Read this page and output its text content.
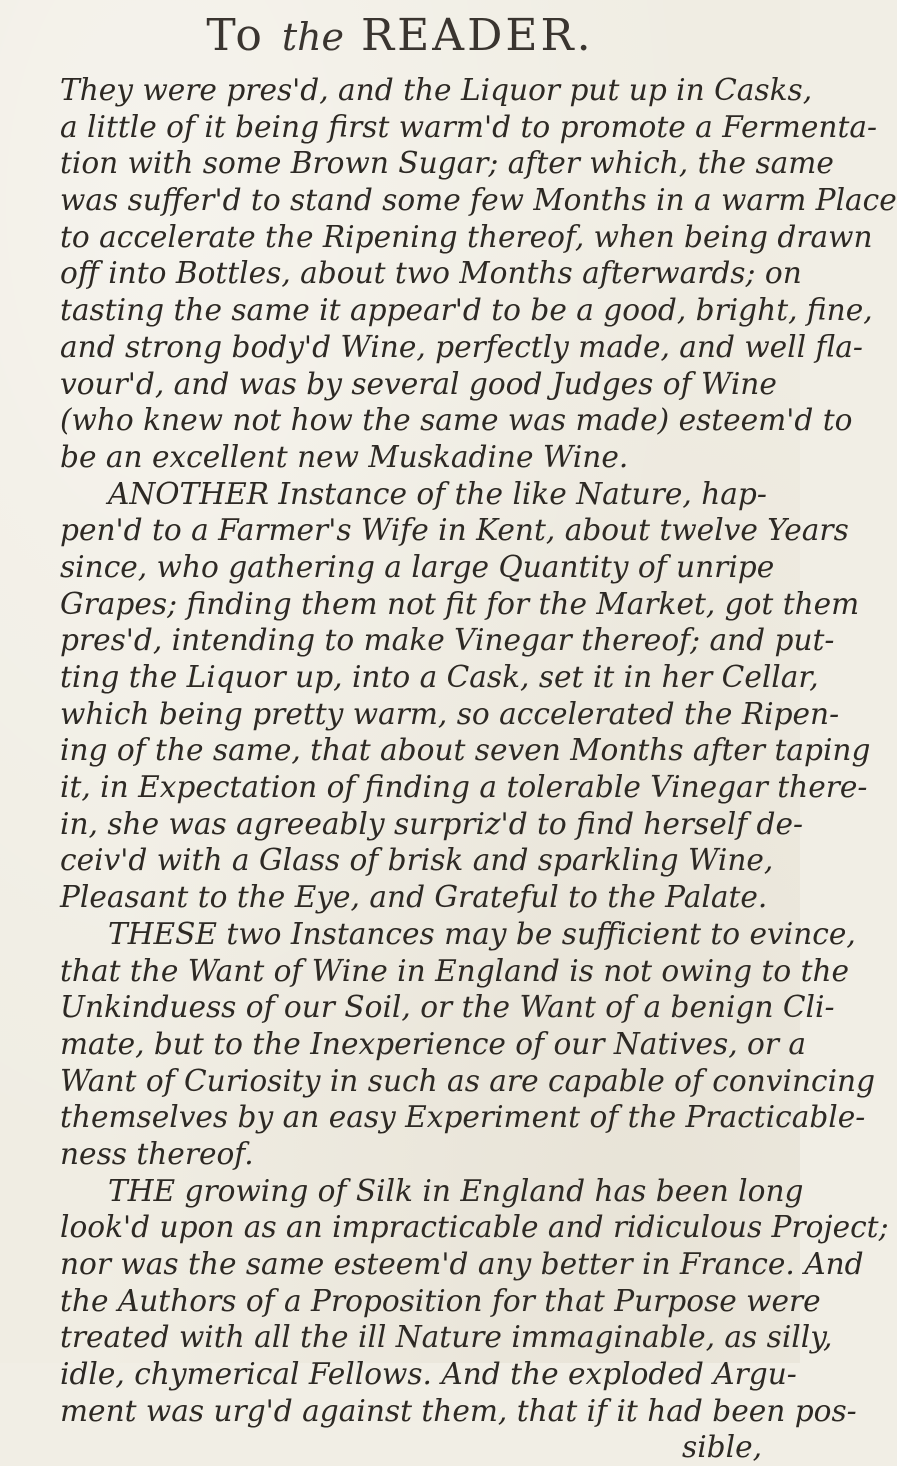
To the READER.
They were pres'd, and the Liquor put up in Casks,
a little of it being first warm'd to promote a Fermenta-
tion with some Brown Sugar; after which, the same
was suffer'd to stand some few Months in a warm Place
to accelerate the Ripening thereof, when being drawn
off into Bottles, about two Months afterwards; on
tasting the same it appear'd to be a good, bright, fine,
and strong body'd Wine, perfectly made, and well fla-
vour'd, and was by several good Judges of Wine
(who knew not how the same was made) esteem'd to
be an excellent new Muskadine Wine.
ANOTHER Instance of the like Nature, hap-
pen'd to a Farmer's Wife in Kent, about twelve Years
since, who gathering a large Quantity of unripe
Grapes; finding them not fit for the Market, got them
pres'd, intending to make Vinegar thereof; and put-
ting the Liquor up, into a Cask, set it in her Cellar,
which being pretty warm, so accelerated the Ripen-
ing of the same, that about seven Months after taping
it, in Expectation of finding a tolerable Vinegar there-
in, she was agreeably surpriz'd to find herself de-
ceiv'd with a Glass of brisk and sparkling Wine,
Pleasant to the Eye, and Grateful to the Palate.
THESE two Instances may be sufficient to evince,
that the Want of Wine in England is not owing to the
Unkinduess of our Soil, or the Want of a benign Cli-
mate, but to the Inexperience of our Natives, or a
Want of Curiosity in such as are capable of convincing
themselves by an easy Experiment of the Practicable-
ness thereof.
THE growing of Silk in England has been long
look'd upon as an impracticable and ridiculous Project;
nor was the same esteem'd any better in France. And
the Authors of a Proposition for that Purpose were
treated with all the ill Nature immaginable, as silly,
idle, chymerical Fellows. And the exploded Argu-
ment was urg'd against them, that if it had been pos-
sible,
